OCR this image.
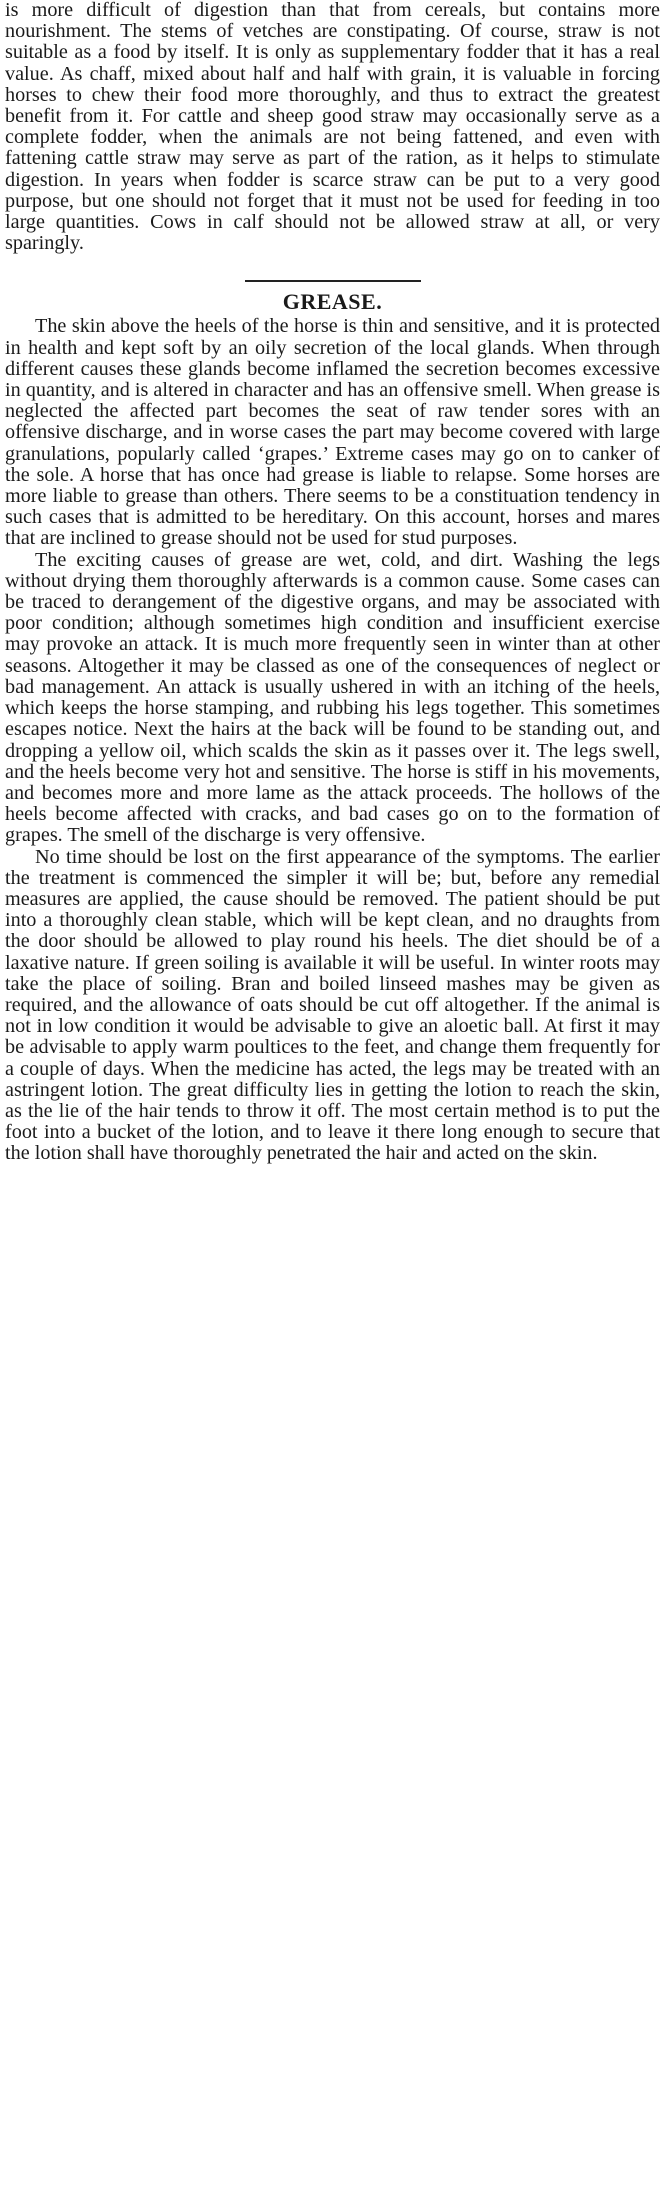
is more difficult of digestion than that from cereals, but contains more nourishment. The stems of vetches are constipating. Of course, straw is not suitable as a food by itself. It is only as supplementary fodder that it has a real value. As chaff, mixed about half and half with grain, it is valuable in forcing horses to chew their food more thoroughly, and thus to extract the greatest benefit from it. For cattle and sheep good straw may occasionally serve as a complete fodder, when the animals are not being fattened, and even with fattening cattle straw may serve as part of the ration, as it helps to stimulate digestion. In years when fodder is scarce straw can be put to a very good purpose, but one should not forget that it must not be used for feeding in too large quantities. Cows in calf should not be allowed straw at all, or very sparingly.

GREASE.

The skin above the heels of the horse is thin and sensitive, and it is protected in health and kept soft by an oily secretion of the local glands. When through different causes these glands become inflamed the secretion becomes excessive in quantity, and is altered in character and has an offensive smell. When grease is neglected the affected part becomes the seat of raw tender sores with an offensive discharge, and in worse cases the part may become covered with large granulations, popularly called ‘grapes.’ Extreme cases may go on to canker of the sole. A horse that has once had grease is liable to relapse. Some horses are more liable to grease than others. There seems to be a constituation tendency in such cases that is admitted to be hereditary. On this account, horses and mares that are inclined to grease should not be used for stud purposes.

The exciting causes of grease are wet, cold, and dirt. Washing the legs without drying them thoroughly afterwards is a common cause. Some cases can be traced to derangement of the digestive organs, and may be associated with poor condition; although sometimes high condition and insufficient exercise may provoke an attack. It is much more frequently seen in winter than at other seasons. Altogether it may be classed as one of the consequences of neglect or bad management. An attack is usually ushered in with an itching of the heels, which keeps the horse stamping, and rubbing his legs together. This sometimes escapes notice. Next the hairs at the back will be found to be standing out, and dropping a yellow oil, which scalds the skin as it passes over it. The legs swell, and the heels become very hot and sensitive. The horse is stiff in his movements, and becomes more and more lame as the attack proceeds. The hollows of the heels become affected with cracks, and bad cases go on to the formation of grapes. The smell of the discharge is very offensive.

No time should be lost on the first appearance of the symptoms. The earlier the treatment is commenced the simpler it will be; but, before any remedial measures are applied, the cause should be removed. The patient should be put into a thoroughly clean stable, which will be kept clean, and no draughts from the door should be allowed to play round his heels. The diet should be of a laxative nature. If green soiling is available it will be useful. In winter roots may take the place of soiling. Bran and boiled linseed mashes may be given as required, and the allowance of oats should be cut off altogether. If the animal is not in low condition it would be advisable to give an aloetic ball. At first it may be advisable to apply warm poultices to the feet, and change them frequently for a couple of days. When the medicine has acted, the legs may be treated with an astringent lotion. The great difficulty lies in getting the lotion to reach the skin, as the lie of the hair tends to throw it off. The most certain method is to put the foot into a bucket of the lotion, and to leave it there long enough to secure that the lotion shall have thoroughly penetrated the hair and acted on the skin.
